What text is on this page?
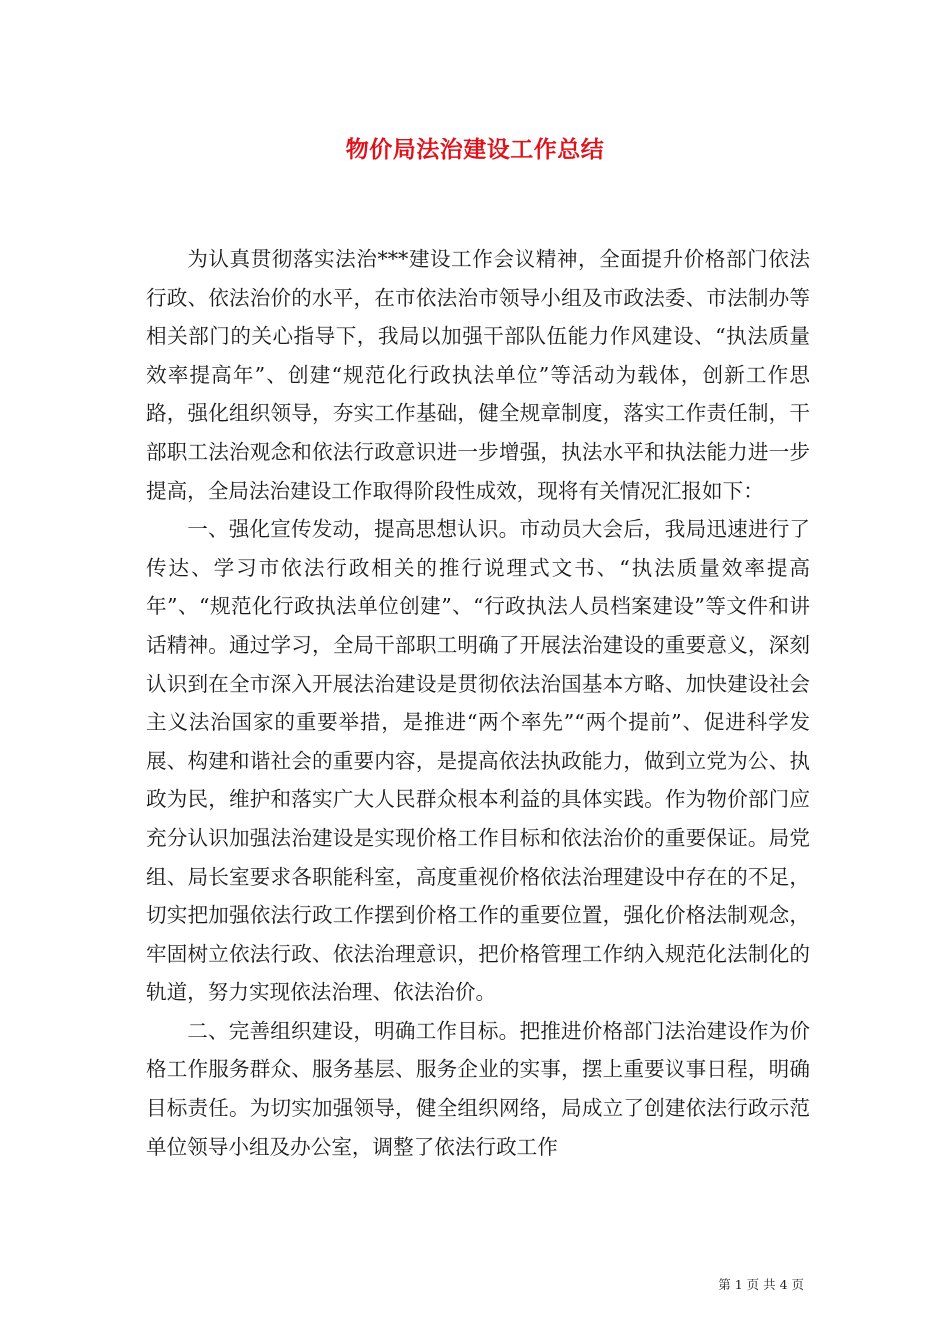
物价局法治建设工作总结

为认真贯彻落实法治***建设工作会议精神，全面提升价格部门依法行政、依法治价的水平，在市依法治市领导小组及市政法委、市法制办等相关部门的关心指导下，我局以加强干部队伍能力作风建设、“执法质量效率提高年”、创建“规范化行政执法单位”等活动为载体，创新工作思路，强化组织领导，夯实工作基础，健全规章制度，落实工作责任制，干部职工法治观念和依法行政意识进一步增强，执法水平和执法能力进一步提高，全局法治建设工作取得阶段性成效，现将有关情况汇报如下：

一、强化宣传发动，提高思想认识。市动员大会后，我局迅速进行了传达、学习市依法行政相关的推行说理式文书、“执法质量效率提高年”、“规范化行政执法单位创建”、“行政执法人员档案建设”等文件和讲话精神。通过学习，全局干部职工明确了开展法治建设的重要意义，深刻认识到在全市深入开展法治建设是贯彻依法治国基本方略、加快建设社会主义法治国家的重要举措，是推进“两个率先”“两个提前”、促进科学发展、构建和谐社会的重要内容，是提高依法执政能力，做到立党为公、执政为民，维护和落实广大人民群众根本利益的具体实践。作为物价部门应充分认识加强法治建设是实现价格工作目标和依法治价的重要保证。局党组、局长室要求各职能科室，高度重视价格依法治理建设中存在的不足，切实把加强依法行政工作摆到价格工作的重要位置，强化价格法制观念，牢固树立依法行政、依法治理意识，把价格管理工作纳入规范化法制化的轨道，努力实现依法治理、依法治价。

二、完善组织建设，明确工作目标。把推进价格部门法治建设作为价格工作服务群众、服务基层、服务企业的实事，摆上重要议事日程，明确目标责任。为切实加强领导，健全组织网络，局成立了创建依法行政示范单位领导小组及办公室，调整了依法行政工作

第 1 页 共 4 页
